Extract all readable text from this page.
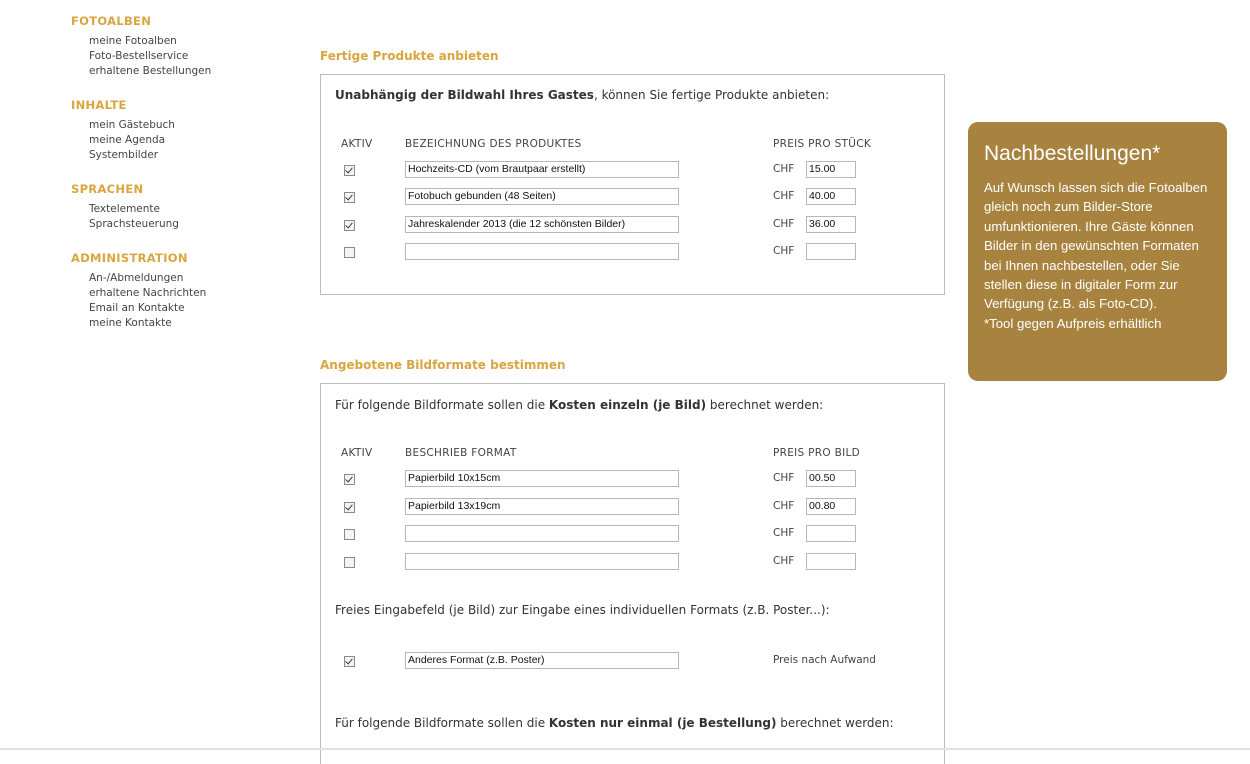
FOTOALBEN
meine Fotoalben
Foto-Bestellservice
erhaltene Bestellungen
INHALTE
mein Gästebuch
meine Agenda
Systembilder
SPRACHEN
Textelemente
Sprachsteuerung
ADMINISTRATION
An-/Abmeldungen
erhaltene Nachrichten
Email an Kontakte
meine Kontakte
Fertige Produkte anbieten
Unabhängig der Bildwahl Ihres Gastes, können Sie fertige Produkte anbieten:
AKTIV	BEZEICHNUNG DES PRODUKTES	PREIS PRO STÜCK
Hochzeits-CD (vom Brautpaar erstellt)	CHF 15.00
Fotobuch gebunden (48 Seiten)	CHF 40.00
Jahreskalender 2013 (die 12 schönsten Bilder)	CHF 36.00
CHF
Angebotene Bildformate bestimmen
Für folgende Bildformate sollen die Kosten einzeln (je Bild) berechnet werden:
AKTIV	BESCHRIEB FORMAT	PREIS PRO BILD
Papierbild 10x15cm	CHF 00.50
Papierbild 13x19cm	CHF 00.80
CHF
CHF
Freies Eingabefeld (je Bild) zur Eingabe eines individuellen Formats (z.B. Poster...):
Anderes Format (z.B. Poster)	Preis nach Aufwand
Für folgende Bildformate sollen die Kosten nur einmal (je Bestellung) berechnet werden:
Nachbestellungen*

Auf Wunsch lassen sich die Fotoalben gleich noch zum Bilder-Store umfunktionieren. Ihre Gäste können Bilder in den gewünschten Formaten bei Ihnen nachbestellen, oder Sie stellen diese in digitaler Form zur Verfügung (z.B. als Foto-CD).
*Tool gegen Aufpreis erhältlich
